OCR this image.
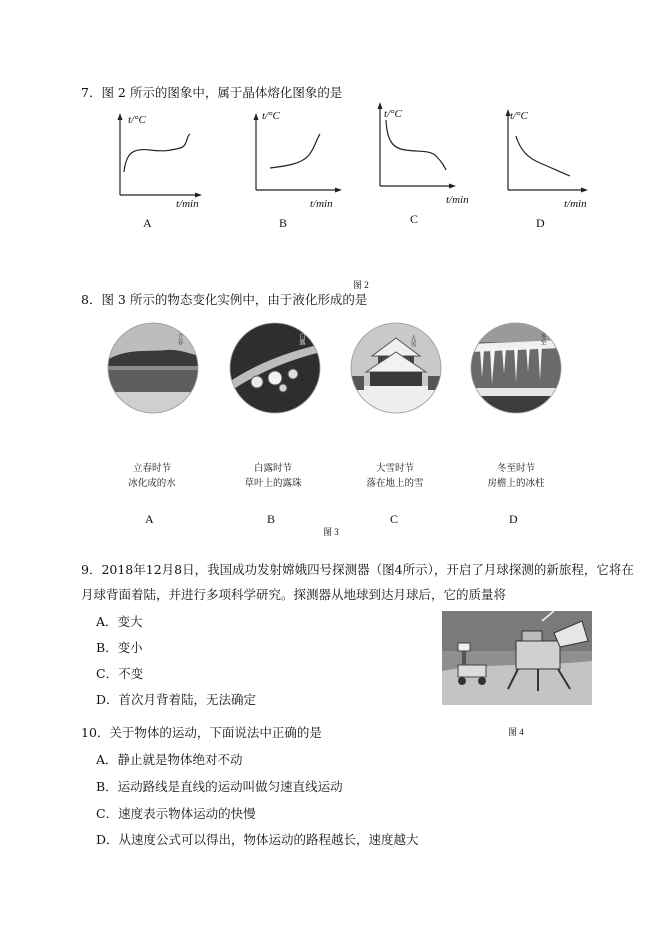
7．图 2 所示的图象中，属于晶体熔化图象的是
t/°C
t/min
A
t/°C
t/min
B
t/°C
t/min
C
t/°C
t/min
D
图 2
8．图 3 所示的物态变化实例中，由于液化形成的是
立春	白露	大雪	冬至
立春时节
冰化成的水
白露时节
草叶上的露珠
大雪时节
落在地上的雪
冬至时节
房檐上的冰柱
A	B	C	D
图 3
9．2018年12月8日，我国成功发射嫦娥四号探测器（图4所示），开启了月球探测的新旅程，它将在
月球背面着陆，并进行多项科学研究。探测器从地球到达月球后，它的质量将
A．变大
B．变小
C．不变
D．首次月背着陆，无法确定
图 4
10．关于物体的运动，下面说法中正确的是
A．静止就是物体绝对不动
B．运动路线是直线的运动叫做匀速直线运动
C．速度表示物体运动的快慢
D．从速度公式可以得出，物体运动的路程越长，速度越大
